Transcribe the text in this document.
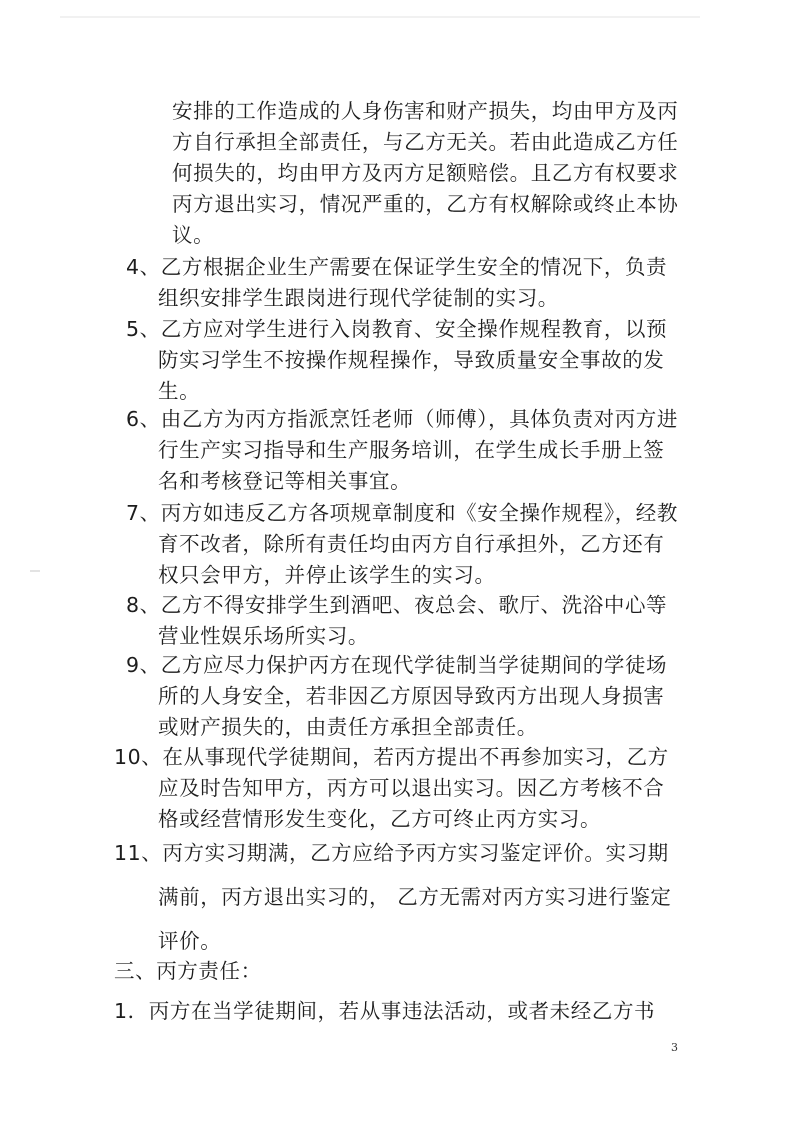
安排的工作造成的人身伤害和财产损失，均由甲方及丙
方自行承担全部责任，与乙方无关。若由此造成乙方任
何损失的，均由甲方及丙方足额赔偿。且乙方有权要求
丙方退出实习，情况严重的，乙方有权解除或终止本协
议。
4、乙方根据企业生产需要在保证学生安全的情况下，负责
组织安排学生跟岗进行现代学徒制的实习。
5、乙方应对学生进行入岗教育、安全操作规程教育，以预
防实习学生不按操作规程操作，导致质量安全事故的发
生。
6、由乙方为丙方指派烹饪老师（师傅），具体负责对丙方进
行生产实习指导和生产服务培训，在学生成长手册上签
名和考核登记等相关事宜。
7、丙方如违反乙方各项规章制度和《安全操作规程》，经教
育不改者，除所有责任均由丙方自行承担外，乙方还有
权只会甲方，并停止该学生的实习。
8、乙方不得安排学生到酒吧、夜总会、歌厅、洗浴中心等
营业性娱乐场所实习。
9、乙方应尽力保护丙方在现代学徒制当学徒期间的学徒场
所的人身安全，若非因乙方原因导致丙方出现人身损害
或财产损失的，由责任方承担全部责任。
10、在从事现代学徒期间，若丙方提出不再参加实习，乙方
应及时告知甲方，丙方可以退出实习。因乙方考核不合
格或经营情形发生变化，乙方可终止丙方实习。
11、丙方实习期满，乙方应给予丙方实习鉴定评价。实习期
满前，丙方退出实习的， 乙方无需对丙方实习进行鉴定
评价。
三、丙方责任：
1．丙方在当学徒期间，若从事违法活动，或者未经乙方书
3
